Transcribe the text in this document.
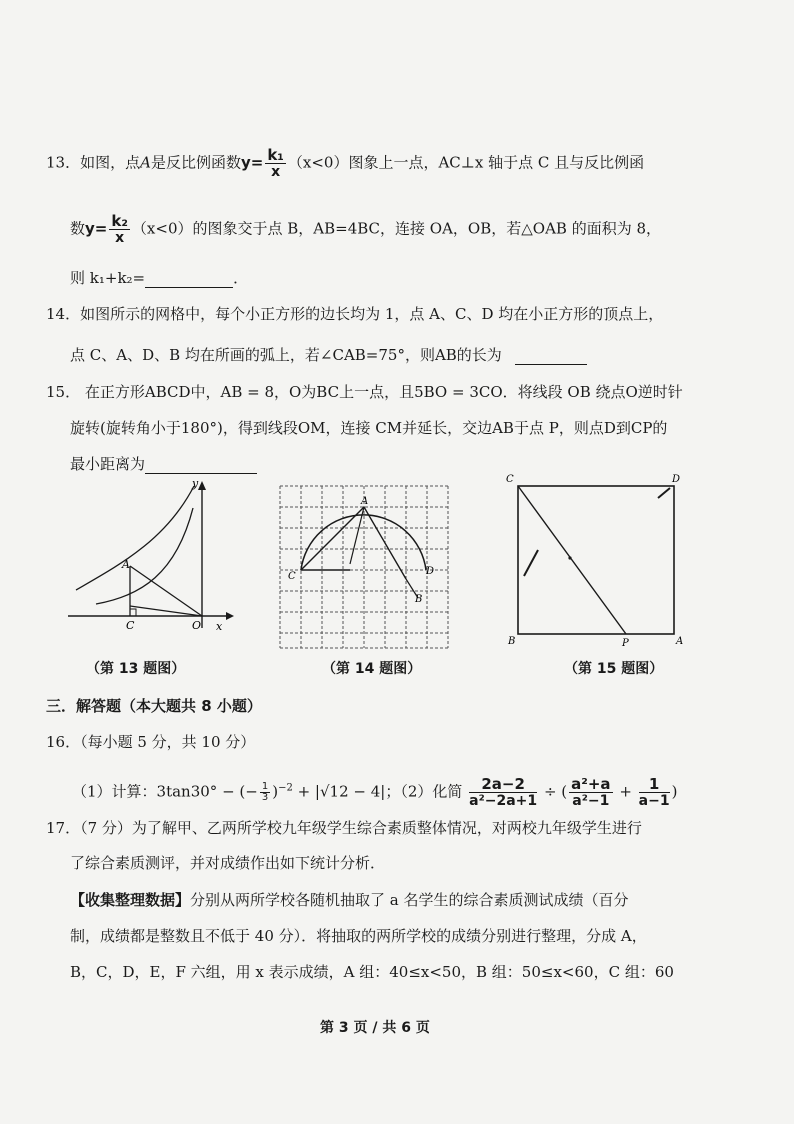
13．如图，点A是反比例函数$y= \frac{\text{k₁}}{x} (x<0)$图象上一点，AC⊥x 轴于点 C 且与反比例函
数$y= \frac{\text{k₂}}{x} (x<0)$的图象交于点 B，AB=4BC，连接 OA，OB，若△OAB 的面积为 8，
则 k₁+k₂=	．
14．如图所示的网格中，每个小正方形的边长均为 1，点 A、C、D 均在小正方形的顶点上，
点 C、A、D、B 均在所画的弧上，若∠CAB=75°，则AB的长为
15． 在正方形ABCD中，AB = 8，O为BC上一点，且5BO = 3CO．将线段 OB 绕点O逆时针
旋转(旋转角小于180°)，得到线段OM，连接 CM并延长，交边AB于点 P，则点D到CP的
最小距离为
y
x
A
C	O
A
C	D
B
C	D
B	A
P
（第 13 题图）	（第 14 题图）	（第 15 题图）
三．解答题（本大题共 8 小题）
16．（每小题 5 分，共 10 分）
（1）计算：3tan30° − (− $\frac{1}{3} )^{-2} + |√12 - 4|$；（2）化简 $\frac{2a-2}{\text{a²−2a+1}}$ ÷ ( $\frac{\text{a²+a}}{\text{a²−1}} + \frac{1}{a-1}$ )
17．（7 分）为了解甲、乙两所学校九年级学生综合素质整体情况，对两校九年级学生进行
了综合素质测评，并对成绩作出如下统计分析．
【收集整理数据】分别从两所学校各随机抽取了 a 名学生的综合素质测试成绩（百分
制，成绩都是整数且不低于 40 分）．将抽取的两所学校的成绩分别进行整理，分成 A，
B，C，D，E，F 六组，用 x 表示成绩，A 组：40≤x<50，B 组：50≤x<60，C 组：60
第 3 页 / 共 6 页
